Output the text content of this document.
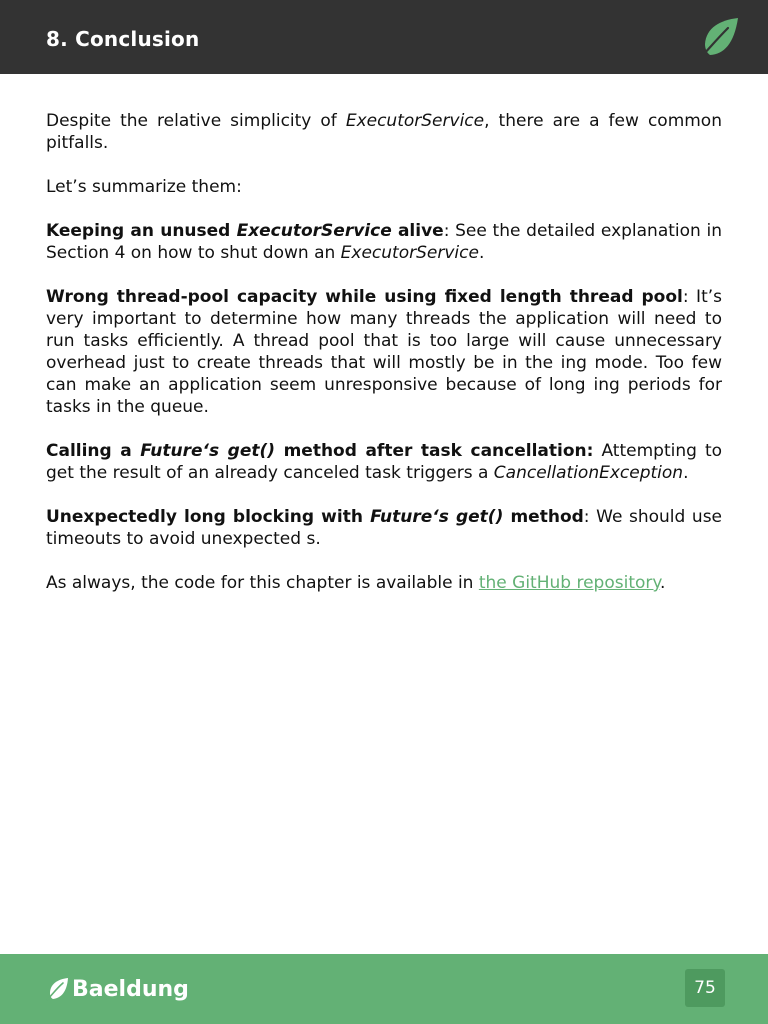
8. Conclusion

Despite the relative simplicity of ExecutorService, there are a few common pitfalls.

Let’s summarize them:

Keeping an unused ExecutorService alive: See the detailed explanation in Section 4 on how to shut down an ExecutorService.

Wrong thread-pool capacity while using fixed length thread pool: It’s very important to determine how many threads the application will need to run tasks efficiently. A thread pool that is too large will cause unnecessary overhead just to create threads that will mostly be in the ing mode. Too few can make an application seem unresponsive because of long ing periods for tasks in the queue.

Calling a Future‘s get() method after task cancellation: Attempting to get the result of an already canceled task triggers a CancellationException.

Unexpectedly long blocking with Future‘s get() method: We should use timeouts to avoid unexpected s.

As always, the code for this chapter is available in the GitHub repository.

Baeldung	75
